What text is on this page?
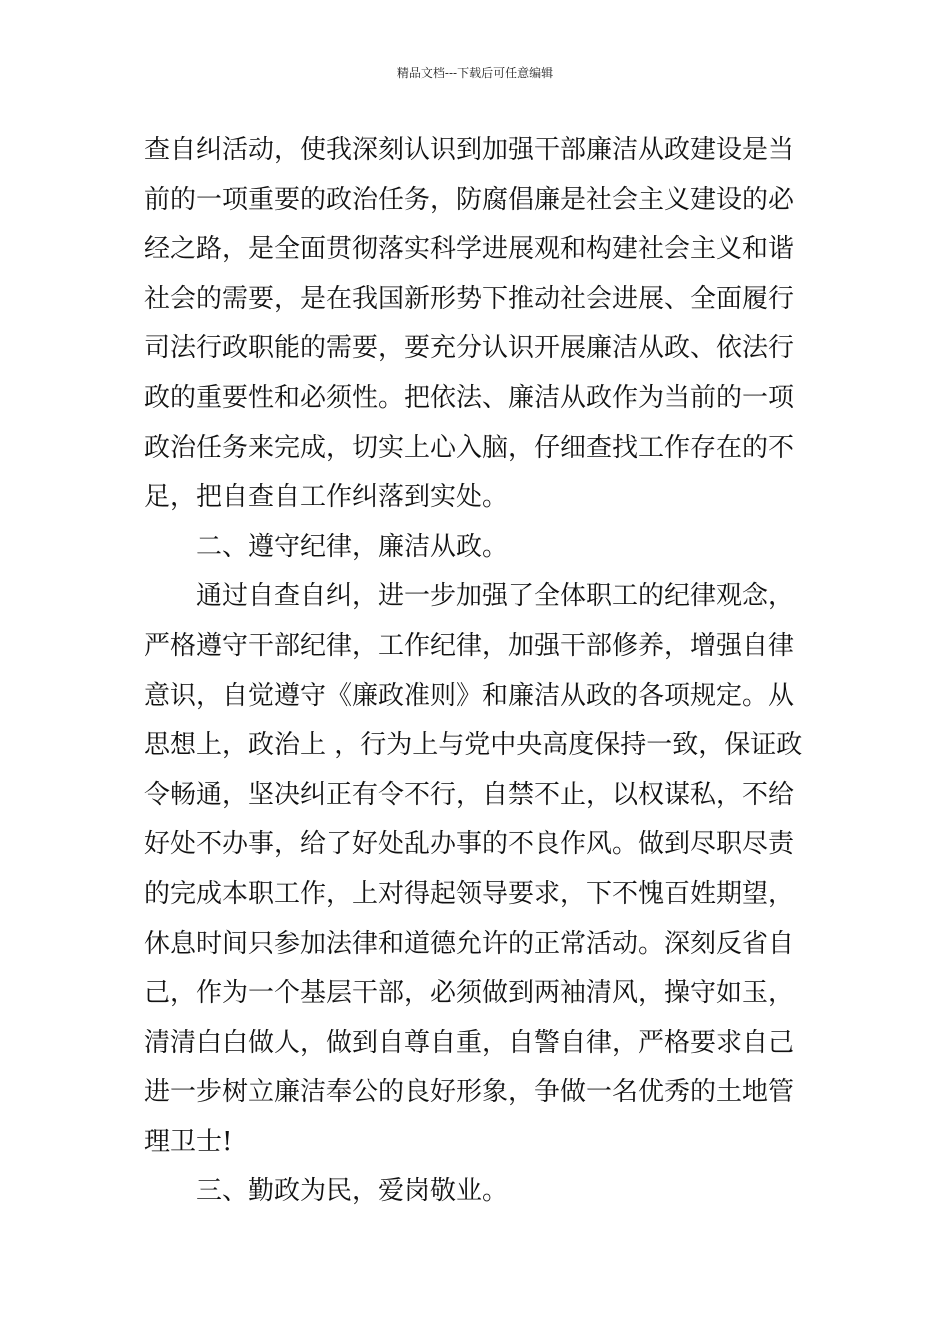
精品文档---下载后可任意编辑
查自纠活动，使我深刻认识到加强干部廉洁从政建设是当
前的一项重要的政治任务，防腐倡廉是社会主义建设的必
经之路，是全面贯彻落实科学进展观和构建社会主义和谐
社会的需要，是在我国新形势下推动社会进展、全面履行
司法行政职能的需要，要充分认识开展廉洁从政、依法行
政的重要性和必须性。把依法、廉洁从政作为当前的一项
政治任务来完成，切实上心入脑，仔细查找工作存在的不
足，把自查自工作纠落到实处。
二、遵守纪律，廉洁从政。
通过自查自纠，进一步加强了全体职工的纪律观念，
严格遵守干部纪律，工作纪律，加强干部修养，增强自律
意识，自觉遵守《廉政准则》和廉洁从政的各项规定。从
思想上，政治上 ，行为上与党中央高度保持一致，保证政
令畅通，坚决纠正有令不行，自禁不止，以权谋私，不给
好处不办事，给了好处乱办事的不良作风。做到尽职尽责
的完成本职工作，上对得起领导要求，下不愧百姓期望，
休息时间只参加法律和道德允许的正常活动。深刻反省自
己，作为一个基层干部，必须做到两袖清风，操守如玉，
清清白白做人，做到自尊自重，自警自律，严格要求自己
进一步树立廉洁奉公的良好形象，争做一名优秀的土地管
理卫士!
三、勤政为民，爱岗敬业。
